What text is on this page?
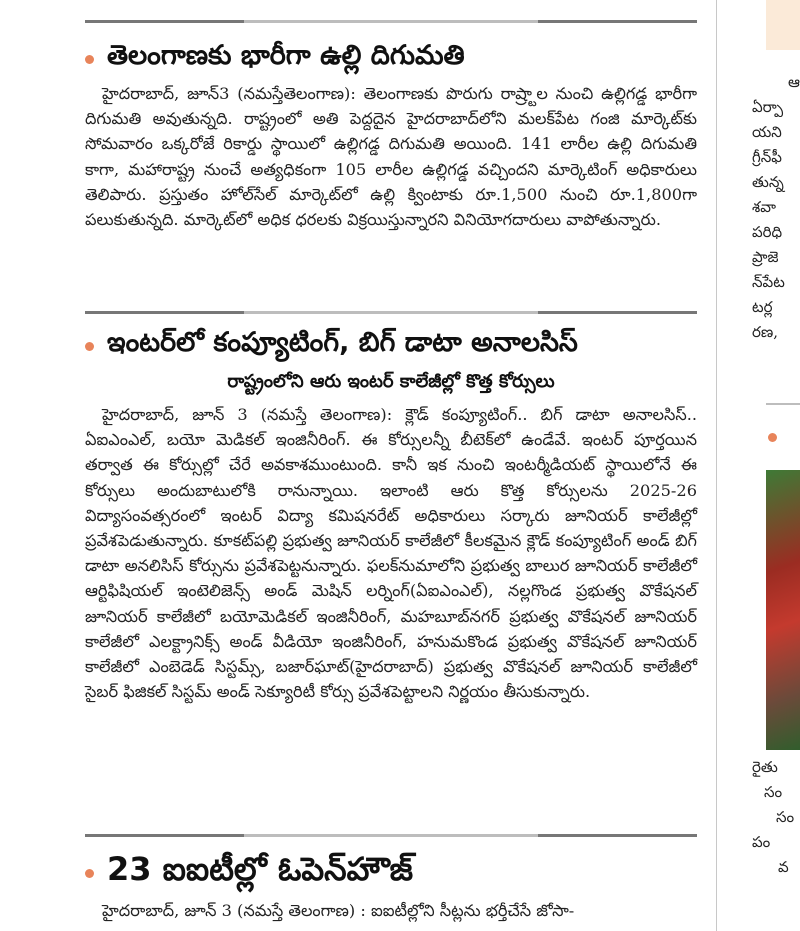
తెలంగాణకు భారీగా ఉల్లి దిగుమతి

హైదరాబాద్‌, జూన్‌3 (నమస్తేతెలంగాణ): తెలంగాణకు పొరుగు రాష్ర్టాల నుంచి ఉల్లిగడ్డ భారీగా దిగుమతి అవుతున్నది. రాష్ట్రంలో అతి పెద్దదైన హైదరాబాద్‌లోని మలక్‌పేట గంజి మార్కెట్‌కు సోమవారం ఒక్కరోజే రికార్డు స్థాయిలో ఉల్లిగడ్డ దిగుమతి అయింది. 141 లారీల ఉల్లి దిగుమతి కాగా, మహారాష్ట్ర నుంచే అత్యధికంగా 105 లారీల ఉల్లిగడ్డ వచ్చిందని మార్కెటింగ్‌ అధికారులు తెలిపారు. ప్రస్తుతం హోల్‌సేల్‌ మార్కెట్‌లో ఉల్లి క్వింటాకు రూ.1,500 నుంచి రూ.1,800గా పలుకుతున్నది. మార్కెట్‌లో అధిక ధరలకు విక్రయిస్తున్నారని వినియోగదారులు వాపోతున్నారు.

ఇంటర్‌లో కంప్యూటింగ్‌, బిగ్‌ డాటా అనాలసిస్‌
రాష్ట్రంలోని ఆరు ఇంటర్‌ కాలేజీల్లో కొత్త కోర్సులు

హైదరాబాద్‌, జూన్‌ 3 (నమస్తే తెలంగాణ): క్లౌడ్‌ కంప్యూటింగ్‌.. బిగ్‌ డాటా అనాలసిస్‌.. ఏఐఎంఎల్‌, బయో మెడికల్‌ ఇంజినీరింగ్‌. ఈ కోర్సులన్నీ బీటెక్‌లో ఉండేవే. ఇంటర్‌ పూర్తయిన తర్వాత ఈ కోర్సుల్లో చేరే అవకాశముంటుంది. కానీ ఇక నుంచి ఇంటర్మీడియట్‌ స్థాయిలోనే ఈ కోర్సులు అందుబాటులోకి రానున్నాయి. ఇలాంటి ఆరు కొత్త కోర్సులను 2025-26 విద్యాసంవత్సరంలో ఇంటర్‌ విద్యా కమిషనరేట్‌ అధికారులు సర్కారు జూనియర్‌ కాలేజీల్లో ప్రవేశపెడుతున్నారు. కూకట్‌పల్లి ప్రభుత్వ జూనియర్‌ కాలేజీలో కీలకమైన క్లౌడ్‌ కంప్యూటింగ్‌ అండ్‌ బిగ్‌ డాటా అనలిసిస్‌ కోర్సును ప్రవేశపెట్టనున్నారు. ఫలక్‌నుమాలోని ప్రభుత్వ బాలుర జూనియర్‌ కాలేజీలో ఆర్టిఫిషియల్‌ ఇంటెలిజెన్స్‌ అండ్‌ మెషిన్‌ లర్నింగ్‌(ఏఐఎంఎల్‌), నల్లగొండ ప్రభుత్వ వొకేషనల్‌ జూనియర్‌ కాలేజీలో బయోమెడికల్‌ ఇంజినీరింగ్‌, మహబూబ్‌నగర్‌ ప్రభుత్వ వొకేషనల్‌ జూనియర్‌ కాలేజీలో ఎలక్ట్రానిక్స్‌ అండ్‌ వీడియో ఇంజినీరింగ్‌, హనుమకొండ ప్రభుత్వ వొకేషనల్‌ జూనియర్‌ కాలేజీలో ఎంబెడెడ్‌ సిస్టమ్స్‌, బజార్‌ఘాట్‌(హైదరాబాద్‌) ప్రభుత్వ వొకేషనల్‌ జూనియర్‌ కాలేజీలో సైబర్‌ ఫిజికల్‌ సిస్టమ్‌ అండ్‌ సెక్యూరిటీ కోర్సు ప్రవేశపెట్టాలని నిర్ణయం తీసుకున్నారు.

23 ఐఐటీల్లో ఓపెన్‌హౌజ్‌

హైదరాబాద్‌, జూన్‌ 3 (నమస్తే తెలంగాణ) : ఐఐటీల్లోని సీట్లను భర్తీచేసే జోసా-

ఆ
ఏర్పా
యని
గ్రీన్‌ఫీ
తున్న
శవా
పరిధి
ప్రాజె
న్‌పేట
టర్ల
రణ,
రైతు
సం
సం
పం
వ
